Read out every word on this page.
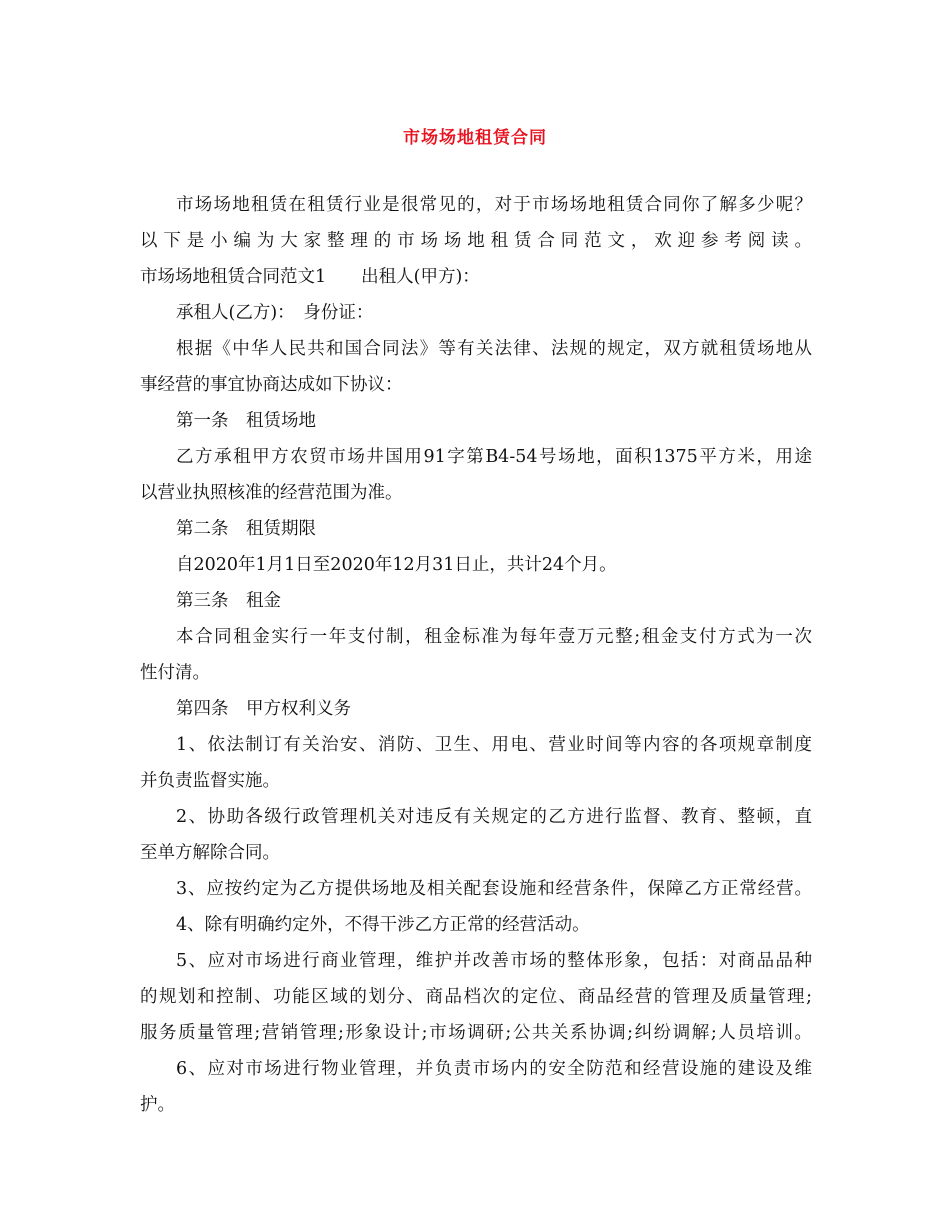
市场场地租赁合同
市场场地租赁在租赁行业是很常见的，对于市场场地租赁合同你了解多少呢？
以下是小编为大家整理的市场场地租赁合同范文，欢迎参考阅读。
市场场地租赁合同范文1　　出租人(甲方)：
承租人(乙方)：　身份证：
根据《中华人民共和国合同法》等有关法律、法规的规定，双方就租赁场地从
事经营的事宜协商达成如下协议：
第一条　租赁场地
乙方承租甲方农贸市场井国用91字第B4-54号场地，面积1375平方米，用途
以营业执照核准的经营范围为准。
第二条　租赁期限
自2020年1月1日至2020年12月31日止，共计24个月。
第三条　租金
本合同租金实行一年支付制，租金标准为每年壹万元整;租金支付方式为一次
性付清。
第四条　甲方权利义务
1、依法制订有关治安、消防、卫生、用电、营业时间等内容的各项规章制度
并负责监督实施。
2、协助各级行政管理机关对违反有关规定的乙方进行监督、教育、整顿，直
至单方解除合同。
3、应按约定为乙方提供场地及相关配套设施和经营条件，保障乙方正常经营。
4、除有明确约定外，不得干涉乙方正常的经营活动。
5、应对市场进行商业管理，维护并改善市场的整体形象，包括：对商品品种
的规划和控制、功能区域的划分、商品档次的定位、商品经营的管理及质量管理;
服务质量管理;营销管理;形象设计;市场调研;公共关系协调;纠纷调解;人员培训。
6、应对市场进行物业管理，并负责市场内的安全防范和经营设施的建设及维
护。
